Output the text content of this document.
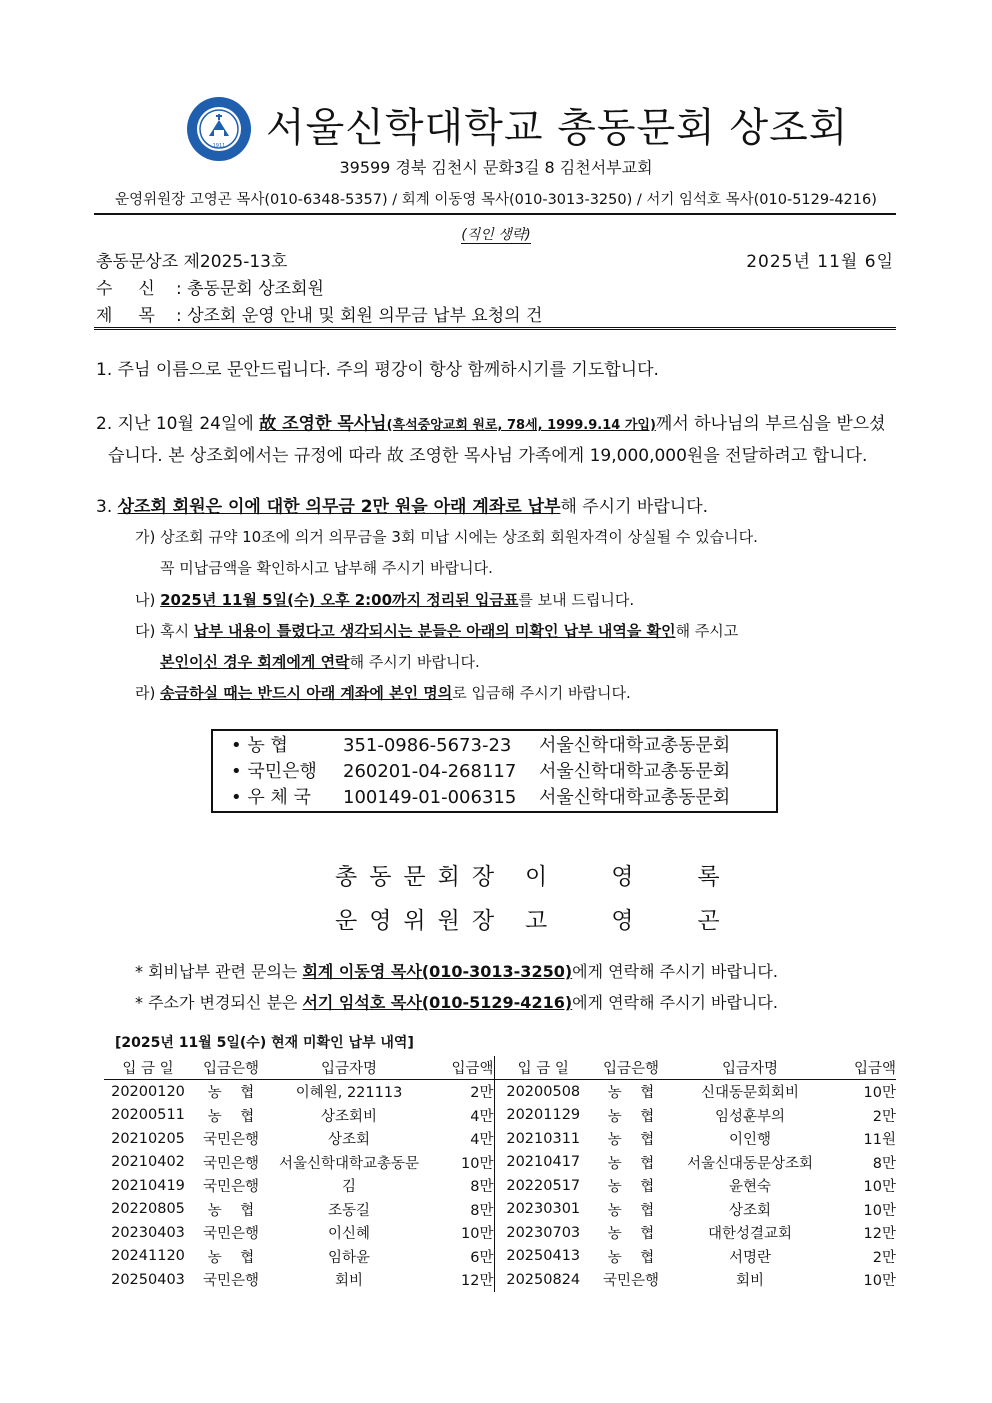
1911 서울신학대학교 총동문회 상조회
39599 경북 김천시 문화3길 8 김천서부교회
운영위원장 고영곤 목사(010-6348-5357) / 회계 이동영 목사(010-3013-3250) / 서기 임석호 목사(010-5129-4216)
(직인 생략)
총동문상조 제2025-13호	2025년 11월 6일
수신: 총동문회 상조회원
제목: 상조회 운영 안내 및 회원 의무금 납부 요청의 건
1. 주님 이름으로 문안드립니다. 주의 평강이 항상 함께하시기를 기도합니다.
2. 지난 10월 24일에 故 조영한 목사님(흑석중앙교회 원로, 78세, 1999.9.14 가입)께서 하나님의 부르심을 받으셨
습니다. 본 상조회에서는 규정에 따라 故 조영한 목사님 가족에게 19,000,000원을 전달하려고 합니다.
3. 상조회 회원은 이에 대한 의무금 2만 원을 아래 계좌로 납부해 주시기 바랍니다.
가) 상조회 규약 10조에 의거 의무금을 3회 미납 시에는 상조회 회원자격이 상실될 수 있습니다.
꼭 미납금액을 확인하시고 납부해 주시기 바랍니다.
나) 2025년 11월 5일(수) 오후 2:00까지 정리된 입금표를 보내 드립니다.
다) 혹시 납부 내용이 틀렸다고 생각되시는 분들은 아래의 미확인 납부 내역을 확인해 주시고
본인이신 경우 회계에게 연락해 주시기 바랍니다.
라) 송금하실 때는 반드시 아래 계좌에 본인 명의로 입금해 주시기 바랍니다.
• 농 협	351-0986-5673-23	서울신학대학교총동문회
• 국민은행	260201-04-268117	서울신학대학교총동문회
• 우 체 국	100149-01-006315	서울신학대학교총동문회
총동문회장 이영록
운영위원장 고영곤
* 회비납부 관련 문의는 회계 이동영 목사(010-3013-3250)에게 연락해 주시기 바랍니다.
* 주소가 변경되신 분은 서기 임석호 목사(010-5129-4216)에게 연락해 주시기 바랍니다.
[2025년 11월 5일(수) 현재 미확인 납부 내역]
입 금 일	입금은행	입금자명	입금액	입 금 일	입금은행	입금자명	입금액
20200120	농    협	이혜원, 221113	2만	20200508	농    협	신대동문회회비	10만
20200511	농    협	상조회비	4만	20201129	농    협	임성훈부의	2만
20210205	국민은행	상조회	4만	20210311	농    협	이인행	11원
20210402	국민은행	서울신학대학교총동문	10만	20210417	농    협	서울신대동문상조회	8만
20210419	국민은행	김	8만	20220517	농    협	윤현숙	10만
20220805	농    협	조동길	8만	20230301	농    협	상조회	10만
20230403	국민은행	이신혜	10만	20230703	농    협	대한성결교회	12만
20241120	농    협	임하윤	6만	20250413	농    협	서명란	2만
20250403	국민은행	회비	12만	20250824	국민은행	회비	10만
